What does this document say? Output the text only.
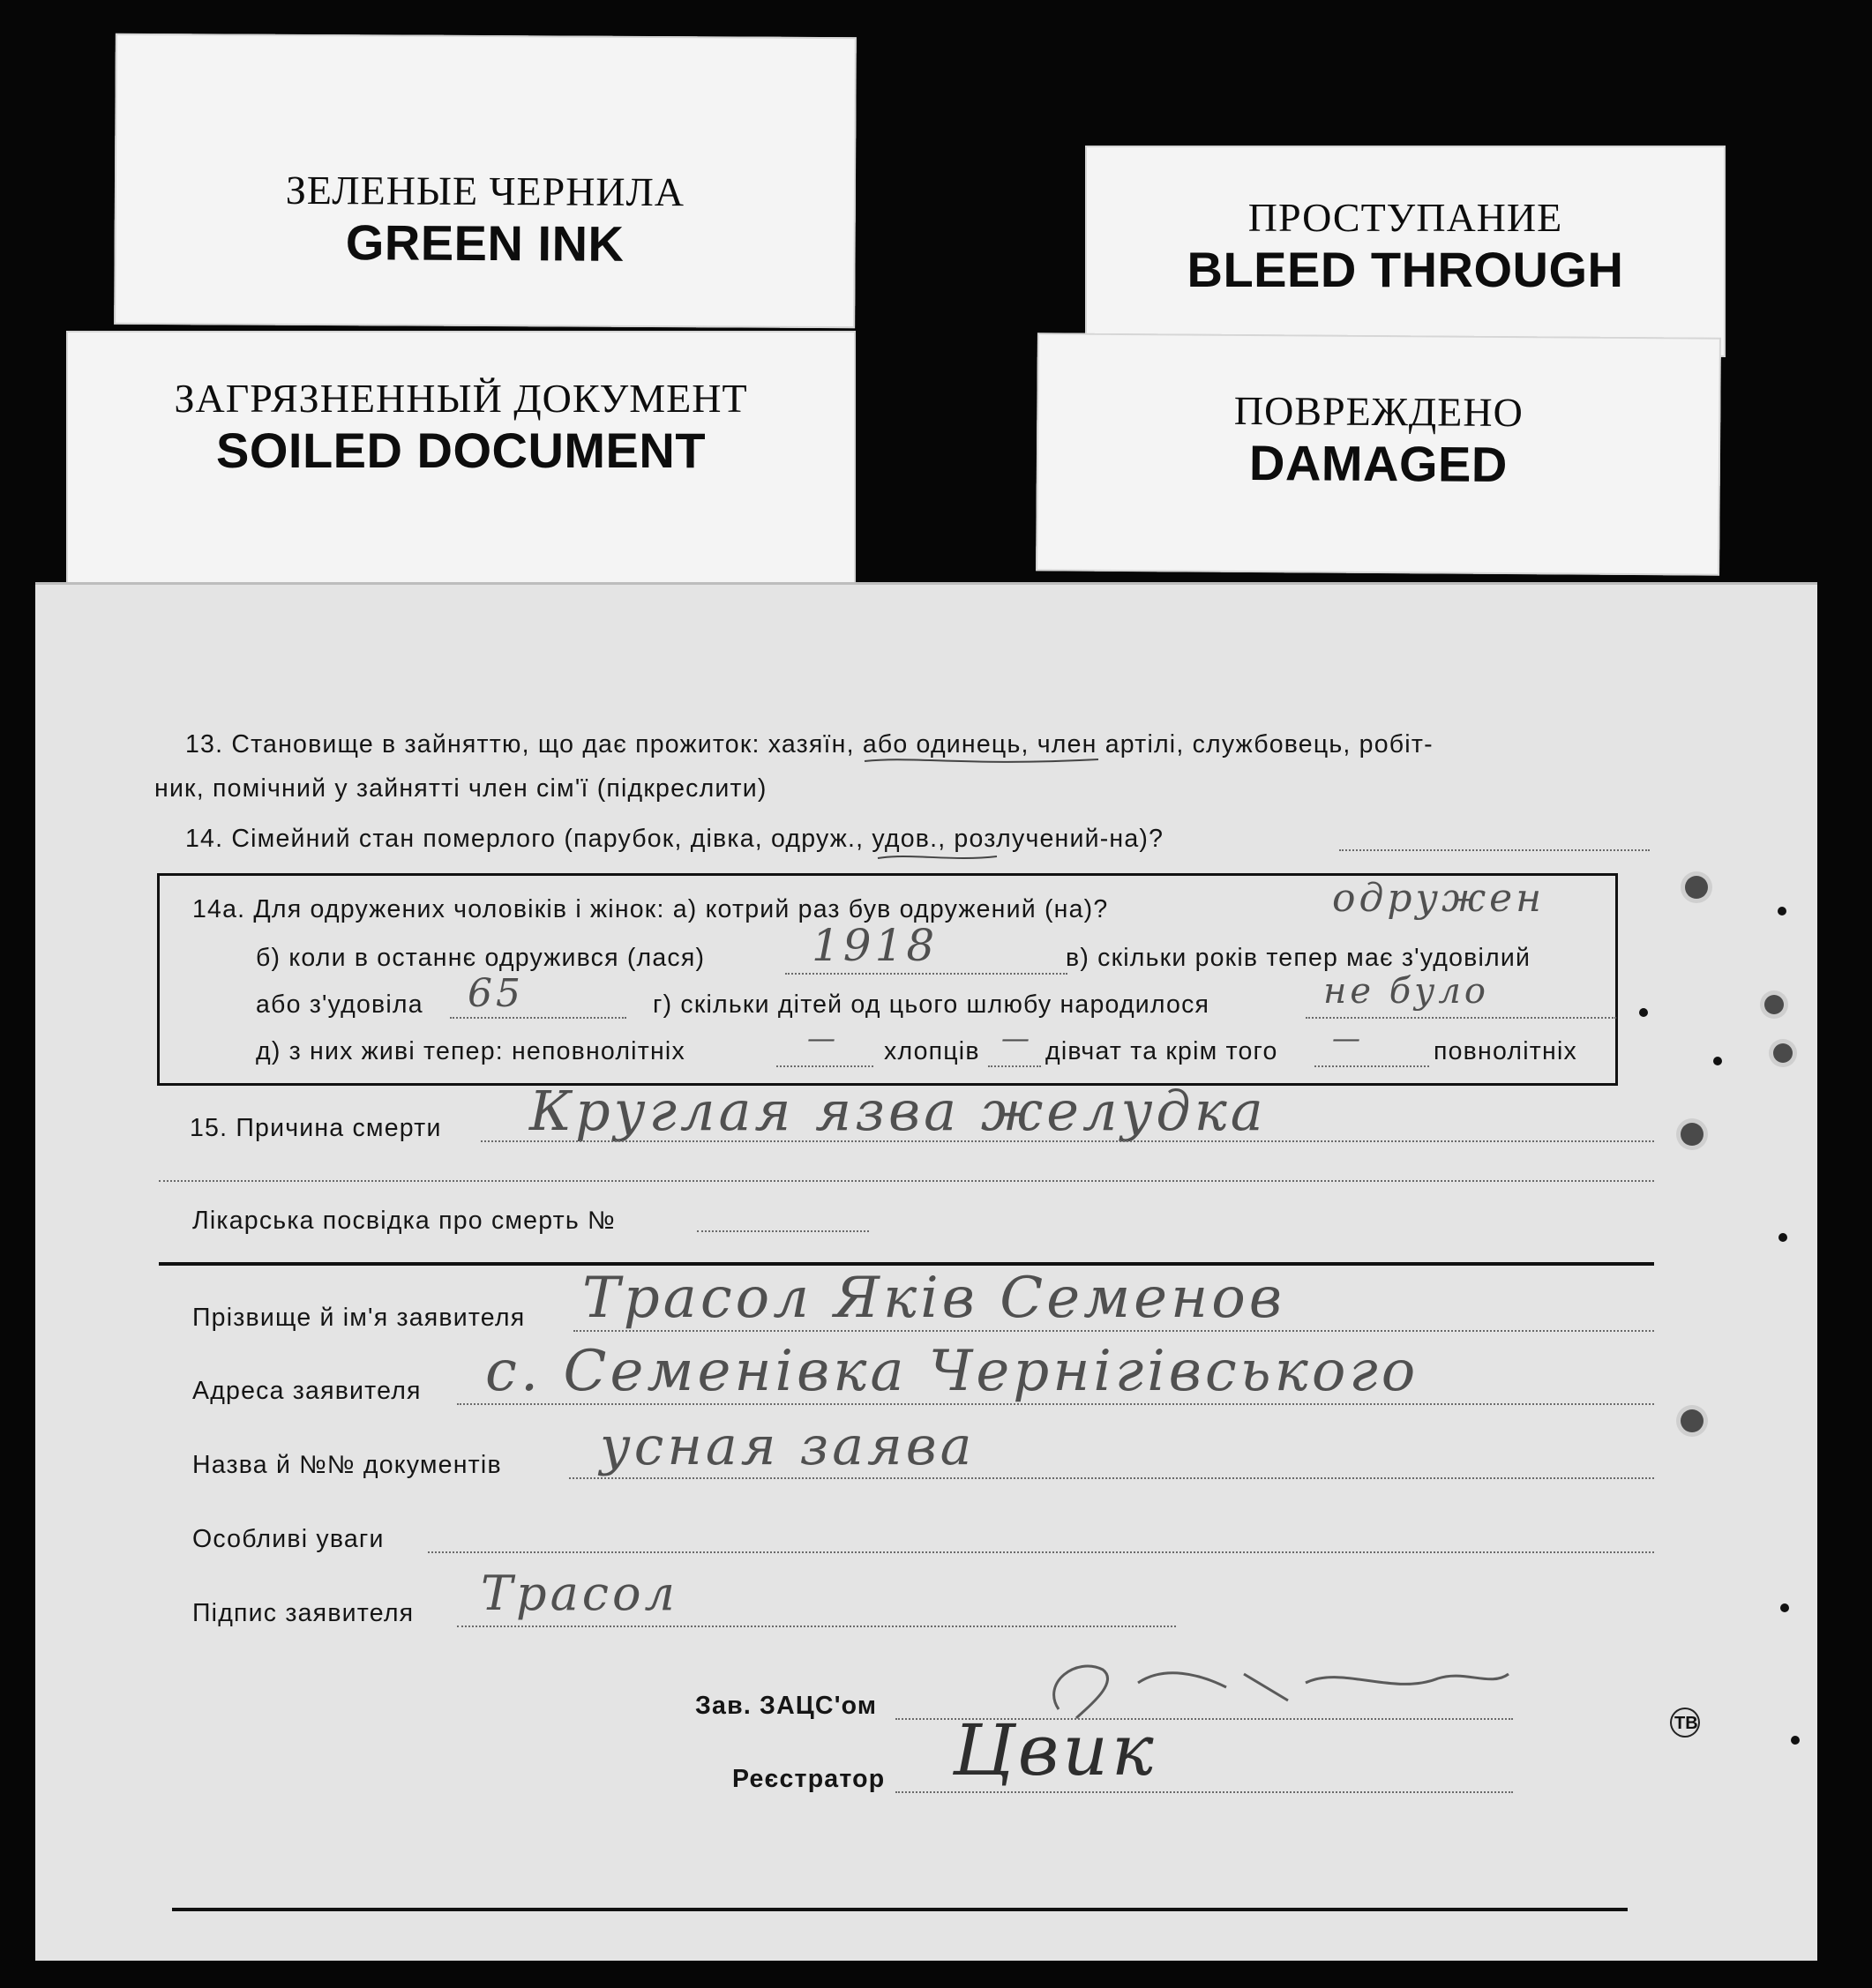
ЗЕЛЕНЫЕ ЧЕРНИЛА
GREEN INK	ПРОСТУПАНИЕ
BLEED THROUGH
ЗАГРЯЗНЕННЫЙ ДОКУМЕНТ
SOILED DOCUMENT
ПОВРЕЖДЕНО
DAMAGED
13. Становище в зайняттю, що дає прожиток: хазяїн, або одинець, член артілі, службовець, робіт-
ник, помічний у зайнятті член сім'ї (підкреслити)
14. Сімейний стан померлого (парубок, дівка, одруж., удов., розлучений-на)?
14а. Для одружених чоловіків і жінок: а) котрий раз був одружений (на)?	одружен
б) коли в останнє одружився (лася) 1918	в) скільки років тепер має з'удовілий
або з'удовіла 65	г) скільки дітей од цього шлюбу народилося	не було
д) з них живі тепер: неповнолітніх	— хлопців — дівчат та крім того —	повнолітніх
15. Причина смерти Круглая язва желудка
Лікарська посвідка про смерть №
Прізвище й ім'я заявителя Трасол Яків Семенов
Адреса заявителя с. Семенівка Чернігівського
Назва й №№ документів усная заява
Особливі уваги
Підпис заявителя Трасол
Зав. ЗАЦС'ом
Реєстратор Цвик	ТВ
